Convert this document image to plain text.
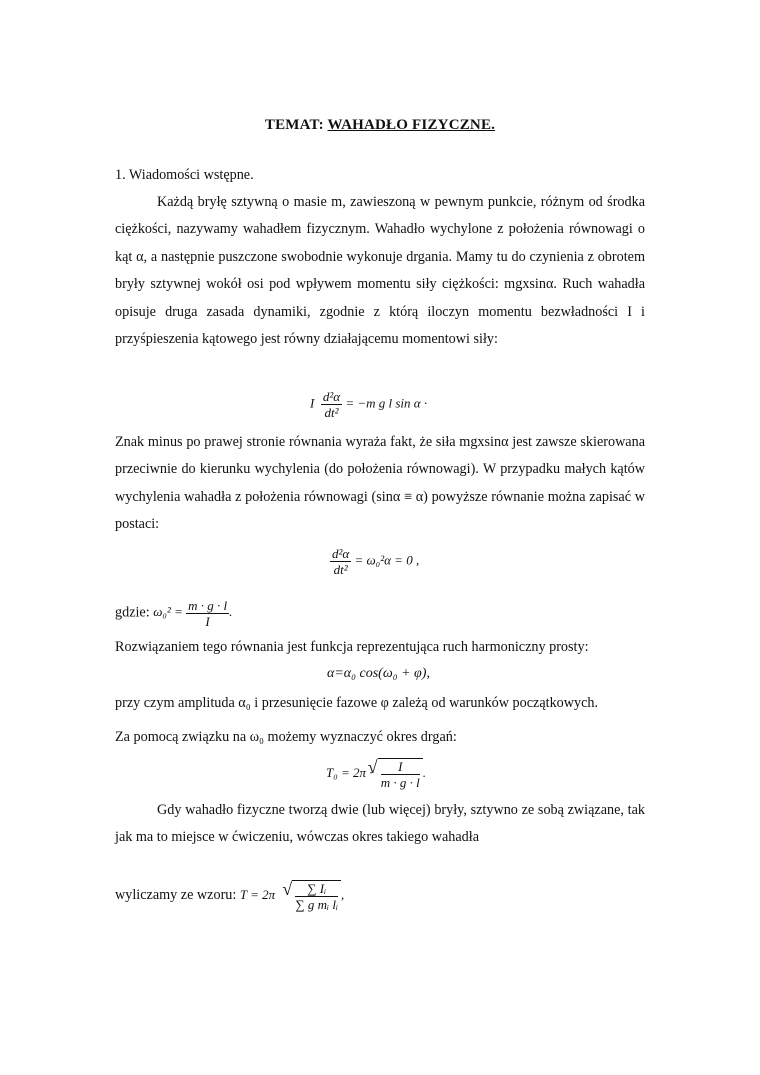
TEMAT: WAHADŁO FIZYCZNE.
1. Wiadomości wstępne.
Każdą bryłę sztywną o masie m, zawieszoną w pewnym punkcie, różnym od środka ciężkości, nazywamy wahadłem fizycznym. Wahadło wychylone z położenia równowagi o kąt α, a następnie puszczone swobodnie wykonuje drgania. Mamy tu do czynienia z obrotem bryły sztywnej wokół osi pod wpływem momentu siły ciężkości: mgxsinα. Ruch wahadła opisuje druga zasada dynamiki, zgodnie z którą iloczyn momentu bezwładności I i przyśpieszenia kątowego jest równy działającemu momentowi siły:
I $\frac{\text{d²α}}{\text{dt²}} = -m$ g l sin α ·
Znak minus po prawej stronie równania wyraża fakt, że siła mgxsinα jest zawsze skierowana przeciwnie do kierunku wychylenia (do położenia równowagi). W przypadku małych kątów wychylenia wahadła z położenia równowagi (sinα ≡ α) powyższe równanie można zapisać w postaci:
$\frac{\text{d²α}}{\text{dt²}} = \omega_0^2\alpha = 0$ ,
gdzie: $\omega_0^2 = \frac{m \cdot g \cdot l}{I}$ .
Rozwiązaniem tego równania jest funkcja reprezentująca ruch harmoniczny prosty:
α=α₀ cos(ω₀ + φ),
przy czym amplituda α₀ i przesunięcie fazowe φ zależą od warunków początkowych.
Za pomocą związku na ω₀ możemy wyznaczyć okres drgań:
T₀ = 2π · √ $\frac{I}{m \cdot g \cdot l}$ .
Gdy wahadło fizyczne tworzą dwie (lub więcej) bryły, sztywno ze sobą związane, tak jak ma to miejsce w ćwiczeniu, wówczas okres takiego wahadła
wyliczamy ze wzoru: T = 2π √ $\frac{\text{∑ Iᵢ}}{\text{∑ g mᵢ lᵢ}}$ ,
